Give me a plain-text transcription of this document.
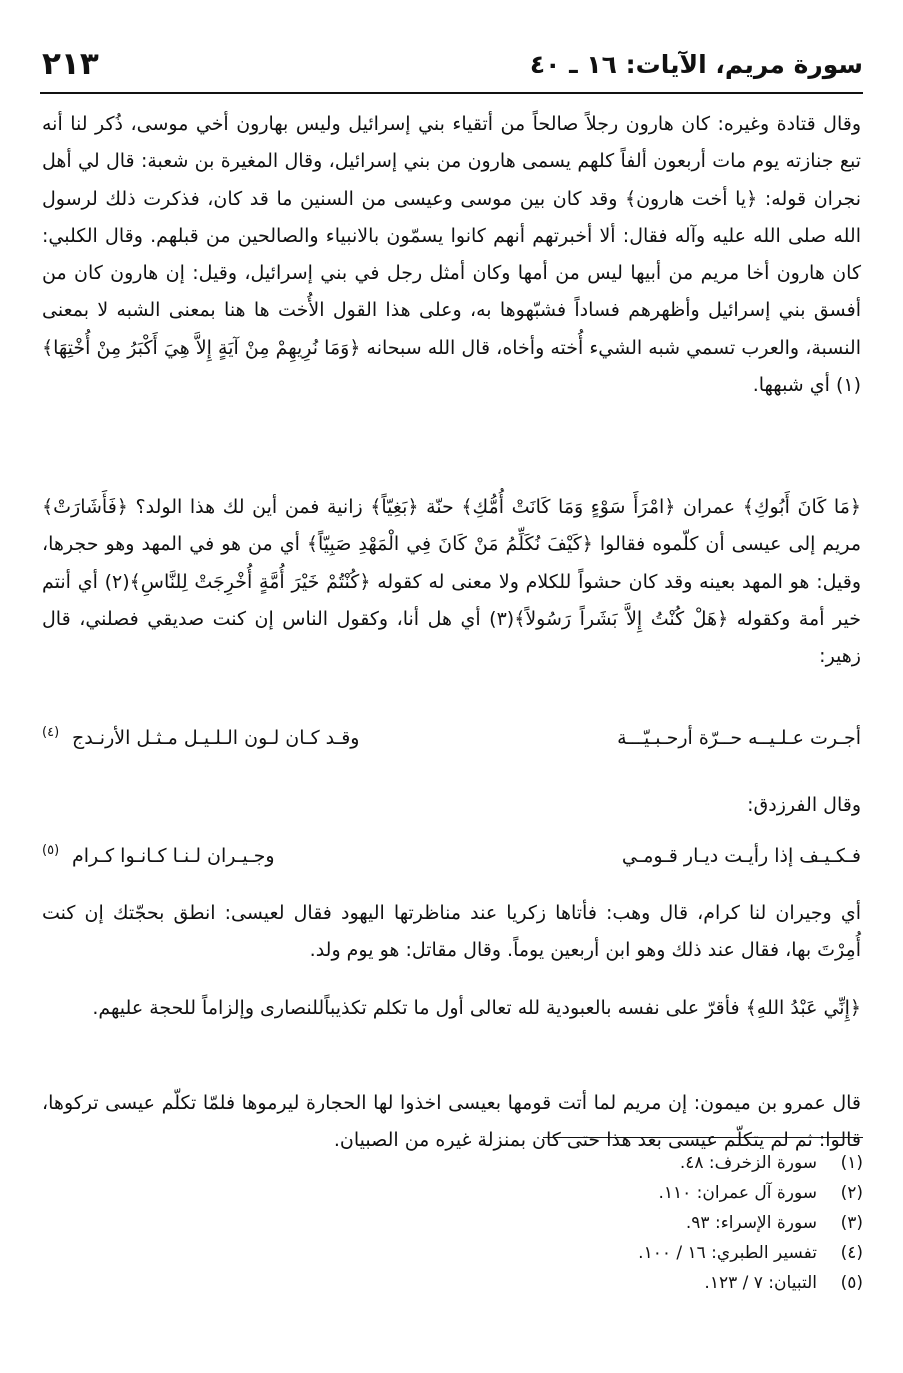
سورة مريم، الآيات: ١٦ ـ ٤٠
٢١٣

وقال قتادة وغيره: كان هارون رجلاً صالحاً من أتقياء بني إسرائيل وليس بهارون أخي موسى، ذُكر لنا أنه تبع جنازته يوم مات أربعون ألفاً كلهم يسمى هارون من بني إسرائيل، وقال المغيرة بن شعبة: قال لي أهل نجران قوله: ﴿يا أخت هارون﴾ وقد كان بين موسى وعيسى من السنين ما قد كان، فذكرت ذلك لرسول الله صلى الله عليه وآله فقال: ألا أخبرتهم أنهم كانوا يسمّون بالانبياء والصالحين من قبلهم. وقال الكلبي: كان هارون أخا مريم من أبيها ليس من أمها وكان أمثل رجل في بني إسرائيل، وقيل: إن هارون كان من أفسق بني إسرائيل وأظهرهم فساداً فشبّهوها به، وعلى هذا القول الأُخت ها هنا بمعنى الشبه لا بمعنى النسبة، والعرب تسمي شبه الشيء أُخته وأخاه، قال الله سبحانه ﴿وَمَا نُرِيهِمْ مِنْ آيَةٍ إِلاَّ هِيَ أَكْبَرُ مِنْ أُخْتِهَا﴾(١) أي شبهها.

﴿مَا كَانَ أَبُوكِ﴾ عمران ﴿امْرَأَ سَوْءٍ وَمَا كَانَتْ أُمُّكِ﴾ حنّة ﴿بَغِيّاً﴾ زانية فمن أين لك هذا الولد؟ ﴿فَأَشَارَتْ﴾ مريم إلى عيسى أن كلّموه فقالوا ﴿كَيْفَ نُكَلِّمُ مَنْ كَانَ فِي الْمَهْدِ صَبِيّاً﴾ أي من هو في المهد وهو حجرها، وقيل: هو المهد بعينه وقد كان حشواً للكلام ولا معنى له كقوله ﴿كُنْتُمْ خَيْرَ أُمَّةٍ أُخْرِجَتْ لِلنَّاسِ﴾(٢) أي أنتم خير أمة وكقوله ﴿هَلْ كُنْتُ إِلاَّ بَشَراً رَسُولاً﴾(٣) أي هل أنا، وكقول الناس إن كنت صديقي فصلني، قال زهير:

أجـرت عـلـيــه حــرّة أرحـبـيّـــة
وقـد كـان لـون الـلـيـل مـثـل الأرنـدج
(٤)
وقال الفرزدق:
فـكـيـف إذا رأيـت ديـار قـومـي
وجـيـران لـنـا كـانـوا كـرام
(٥)

أي وجيران لنا كرام، قال وهب: فأتاها زكريا عند مناظرتها اليهود فقال لعيسى: انطق بحجّتك إن كنت أُمِرْتَ بها، فقال عند ذلك وهو ابن أربعين يوماً. وقال مقاتل: هو يوم ولد.

﴿إِنِّي عَبْدُ اللهِ﴾ فأقرّ على نفسه بالعبودية لله تعالى أول ما تكلم تكذيباًللنصارى وإلزاماً للحجة عليهم.

قال عمرو بن ميمون: إن مريم لما أتت قومها بعيسى اخذوا لها الحجارة ليرموها فلمّا تكلّم عيسى تركوها، قالوا: ثم لم يتكلّم عيسى بعد هذا حتى كان بمنزلة غيره من الصبيان.

(١)سورة الزخرف: ٤٨.
(٢)سورة آل عمران: ١١٠.
(٣)سورة الإسراء: ٩٣.
(٤)تفسير الطبري: ١٦ / ١٠٠.
(٥)التبيان: ٧ / ١٢٣.
